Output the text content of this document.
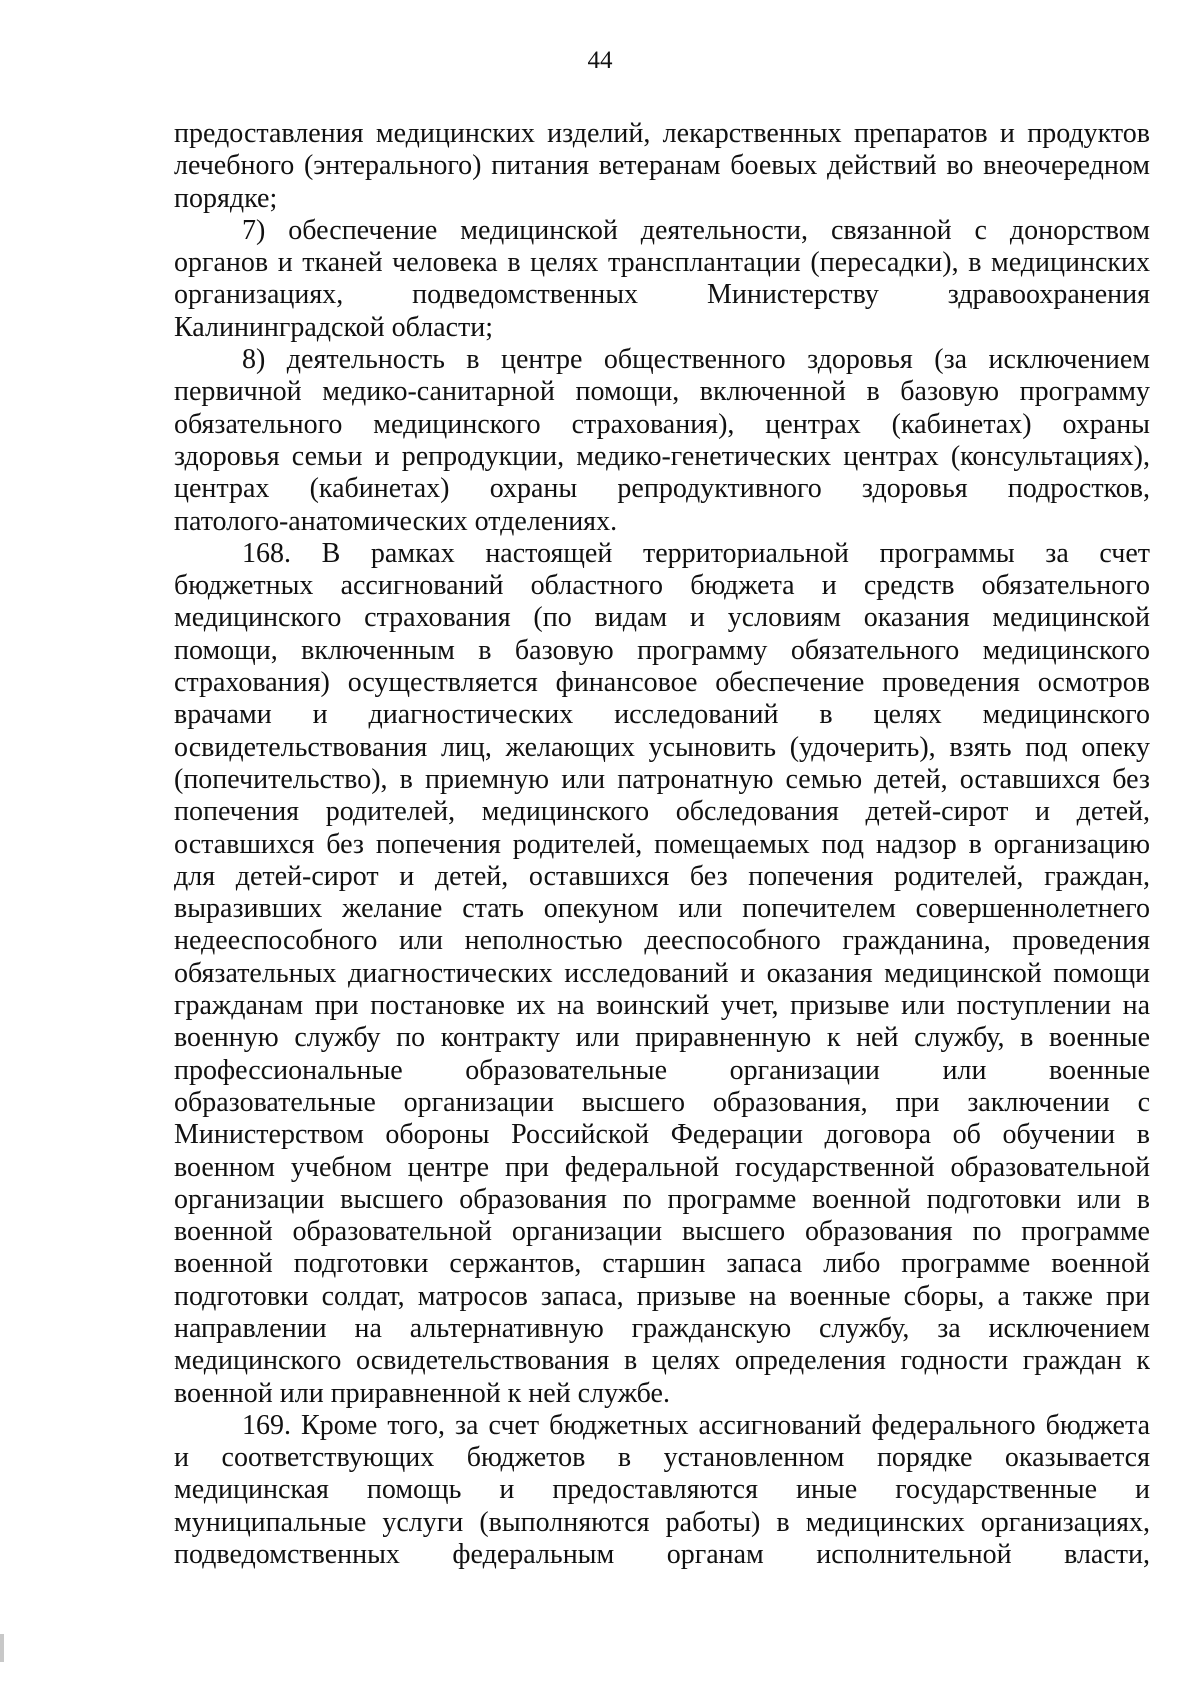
44
предоставления медицинских изделий, лекарственных препаратов и продуктов
лечебного (энтерального) питания ветеранам боевых действий во внеочередном
порядке;
7) обеспечение медицинской деятельности, связанной с донорством
органов и тканей человека в целях трансплантации (пересадки), в медицинских
организациях, подведомственных Министерству здравоохранения
Калининградской области;
8) деятельность в центре общественного здоровья (за исключением
первичной медико-санитарной помощи, включенной в базовую программу
обязательного медицинского страхования), центрах (кабинетах) охраны
здоровья семьи и репродукции, медико-генетических центрах (консультациях),
центрах (кабинетах) охраны репродуктивного здоровья подростков,
патолого-анатомических отделениях.
168. В рамках настоящей территориальной программы за счет
бюджетных ассигнований областного бюджета и средств обязательного
медицинского страхования (по видам и условиям оказания медицинской
помощи, включенным в базовую программу обязательного медицинского
страхования) осуществляется финансовое обеспечение проведения осмотров
врачами и диагностических исследований в целях медицинского
освидетельствования лиц, желающих усыновить (удочерить), взять под опеку
(попечительство), в приемную или патронатную семью детей, оставшихся без
попечения родителей, медицинского обследования детей-сирот и детей,
оставшихся без попечения родителей, помещаемых под надзор в организацию
для детей-сирот и детей, оставшихся без попечения родителей, граждан,
выразивших желание стать опекуном или попечителем совершеннолетнего
недееспособного или неполностью дееспособного гражданина, проведения
обязательных диагностических исследований и оказания медицинской помощи
гражданам при постановке их на воинский учет, призыве или поступлении на
военную службу по контракту или приравненную к ней службу, в военные
профессиональные образовательные организации или военные
образовательные организации высшего образования, при заключении с
Министерством обороны Российской Федерации договора об обучении в
военном учебном центре при федеральной государственной образовательной
организации высшего образования по программе военной подготовки или в
военной образовательной организации высшего образования по программе
военной подготовки сержантов, старшин запаса либо программе военной
подготовки солдат, матросов запаса, призыве на военные сборы, а также при
направлении на альтернативную гражданскую службу, за исключением
медицинского освидетельствования в целях определения годности граждан к
военной или приравненной к ней службе.
169. Кроме того, за счет бюджетных ассигнований федерального бюджета
и соответствующих бюджетов в установленном порядке оказывается
медицинская помощь и предоставляются иные государственные и
муниципальные услуги (выполняются работы) в медицинских организациях,
подведомственных федеральным органам исполнительной власти,
